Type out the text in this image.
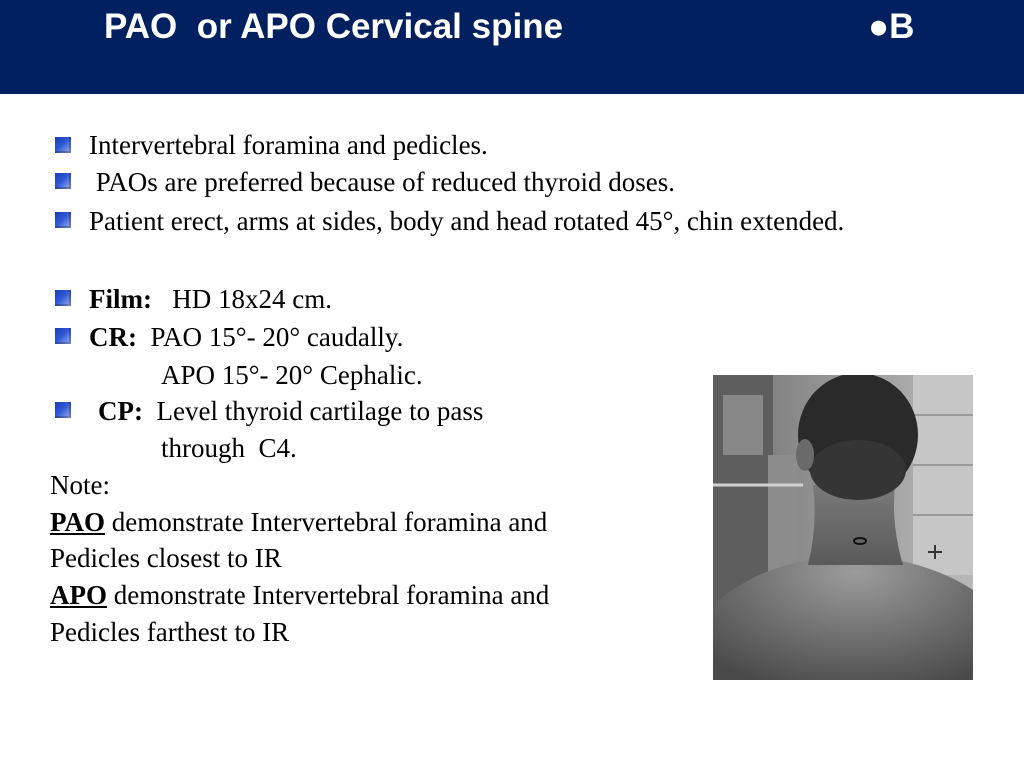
PAO  or APO Cervical spine	●B
Intervertebral foramina and pedicles.
PAOs are preferred because of reduced thyroid doses.
Patient erect, arms at sides, body and head rotated 45°, chin extended.
Film:   HD 18x24 cm.
CR:  PAO 15°- 20° caudally.
APO 15°- 20° Cephalic.
CP:  Level thyroid cartilage to pass
through  C4.
Note:
PAO demonstrate Intervertebral foramina and
Pedicles closest to IR
APO demonstrate Intervertebral foramina and
Pedicles farthest to IR
